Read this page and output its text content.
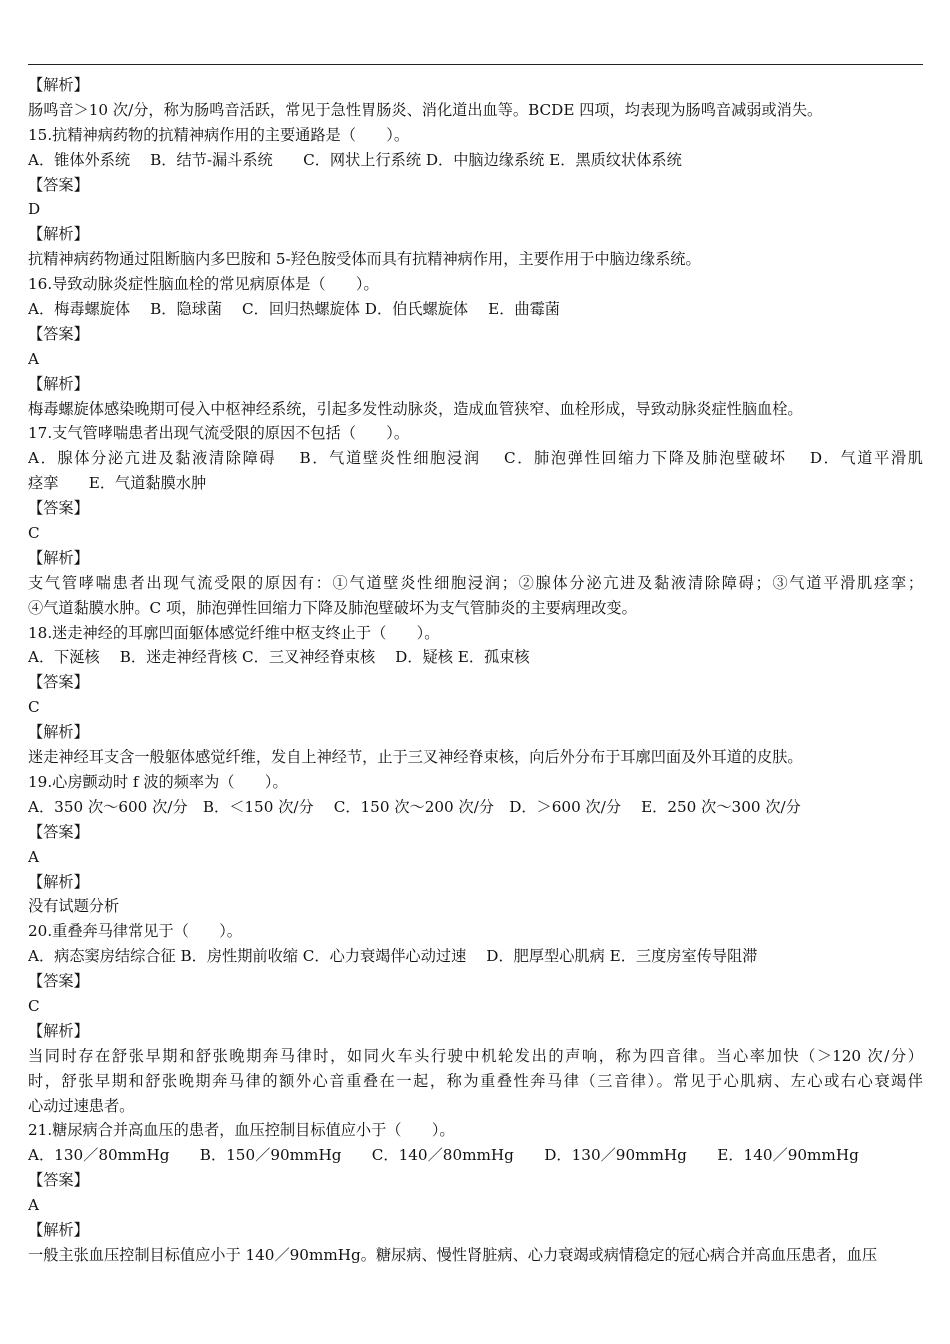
【解析】
肠鸣音＞10 次/分，称为肠鸣音活跃，常见于急性胃肠炎、消化道出血等。BCDE 四项，均表现为肠鸣音减弱或消失。
15.抗精神病药物的抗精神病作用的主要通路是（　　）。
A．锥体外系统　 B．结节-漏斗系统　　C．网状上行系统 D．中脑边缘系统 E．黑质纹状体系统
【答案】
D
【解析】
抗精神病药物通过阻断脑内多巴胺和 5-羟色胺受体而具有抗精神病作用，主要作用于中脑边缘系统。
16.导致动脉炎症性脑血栓的常见病原体是（　　）。
A．梅毒螺旋体　 B．隐球菌　 C．回归热螺旋体 D．伯氏螺旋体　 E．曲霉菌
【答案】
A
【解析】
梅毒螺旋体感染晚期可侵入中枢神经系统，引起多发性动脉炎，造成血管狭窄、血栓形成，导致动脉炎症性脑血栓。
17.支气管哮喘患者出现气流受限的原因不包括（　　）。
A．腺体分泌亢进及黏液清除障碍　 B．气道壁炎性细胞浸润　 C．肺泡弹性回缩力下降及肺泡壁破坏　 D．气道平滑肌
痉挛　　E．气道黏膜水肿
【答案】
C
【解析】
支气管哮喘患者出现气流受限的原因有：①气道壁炎性细胞浸润；②腺体分泌亢进及黏液清除障碍；③气道平滑肌痉挛；
④气道黏膜水肿。C 项，肺泡弹性回缩力下降及肺泡壁破坏为支气管肺炎的主要病理改变。
18.迷走神经的耳廓凹面躯体感觉纤维中枢支终止于（　　）。
A．下涎核　 B．迷走神经背核 C．三叉神经脊束核　 D．疑核 E．孤束核
【答案】
C
【解析】
迷走神经耳支含一般躯体感觉纤维，发自上神经节，止于三叉神经脊束核，向后外分布于耳廓凹面及外耳道的皮肤。
19.心房颤动时 f 波的频率为（　　）。
A．350 次～600 次/分　B．＜150 次/分　 C．150 次～200 次/分　D．＞600 次/分　 E．250 次～300 次/分
【答案】
A
【解析】
没有试题分析
20.重叠奔马律常见于（　　）。
A．病态窦房结综合征 B．房性期前收缩 C．心力衰竭伴心动过速　 D．肥厚型心肌病 E．三度房室传导阻滞
【答案】
C
【解析】
当同时存在舒张早期和舒张晚期奔马律时，如同火车头行驶中机轮发出的声响，称为四音律。当心率加快（＞120 次/分）
时，舒张早期和舒张晚期奔马律的额外心音重叠在一起，称为重叠性奔马律（三音律）。常见于心肌病、左心或右心衰竭伴
心动过速患者。
21.糖尿病合并高血压的患者，血压控制目标值应小于（　　）。
A．130／80mmHg　　B．150／90mmHg　　C．140／80mmHg　　D．130／90mmHg　　E．140／90mmHg
【答案】
A
【解析】
一般主张血压控制目标值应小于 140／90mmHg。糖尿病、慢性肾脏病、心力衰竭或病情稳定的冠心病合并高血压患者，血压
